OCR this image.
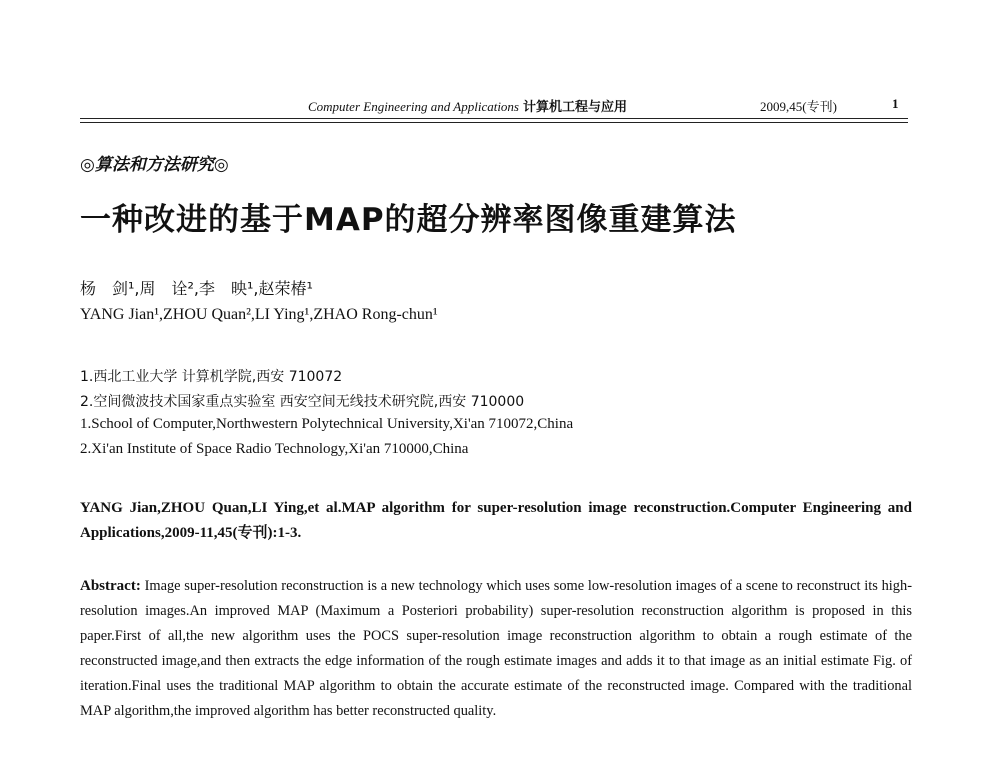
Computer Engineering and Applications 计算机工程与应用	2009,45(专刊)	1
◎算法和方法研究◎
一种改进的基于MAP的超分辨率图像重建算法
杨　剑¹,周　诠²,李　映¹,赵荣椿¹
YANG Jian¹,ZHOU Quan²,LI Ying¹,ZHAO Rong-chun¹
1.西北工业大学 计算机学院,西安 710072
2.空间微波技术国家重点实验室 西安空间无线技术研究院,西安 710000
1.School of Computer,Northwestern Polytechnical University,Xi'an 710072,China
2.Xi'an Institute of Space Radio Technology,Xi'an 710000,China
YANG Jian,ZHOU Quan,LI Ying,et al.MAP algorithm for super-resolution image reconstruction.Computer Engineering and Applications,2009-11,45(专刊):1-3.
Abstract: Image super-resolution reconstruction is a new technology which uses some low-resolution images of a scene to reconstruct its high-resolution images.An improved MAP (Maximum a Posteriori probability) super-resolution reconstruction algorithm is proposed in this paper.First of all,the new algorithm uses the POCS super-resolution image reconstruction algorithm to obtain a rough estimate of the reconstructed image,and then extracts the edge information of the rough estimate images and adds it to that image as an initial estimate Fig. of iteration.Final uses the traditional MAP algorithm to obtain the accurate estimate of the reconstructed image. Compared with the traditional MAP algorithm,the improved algorithm has better reconstructed quality.
